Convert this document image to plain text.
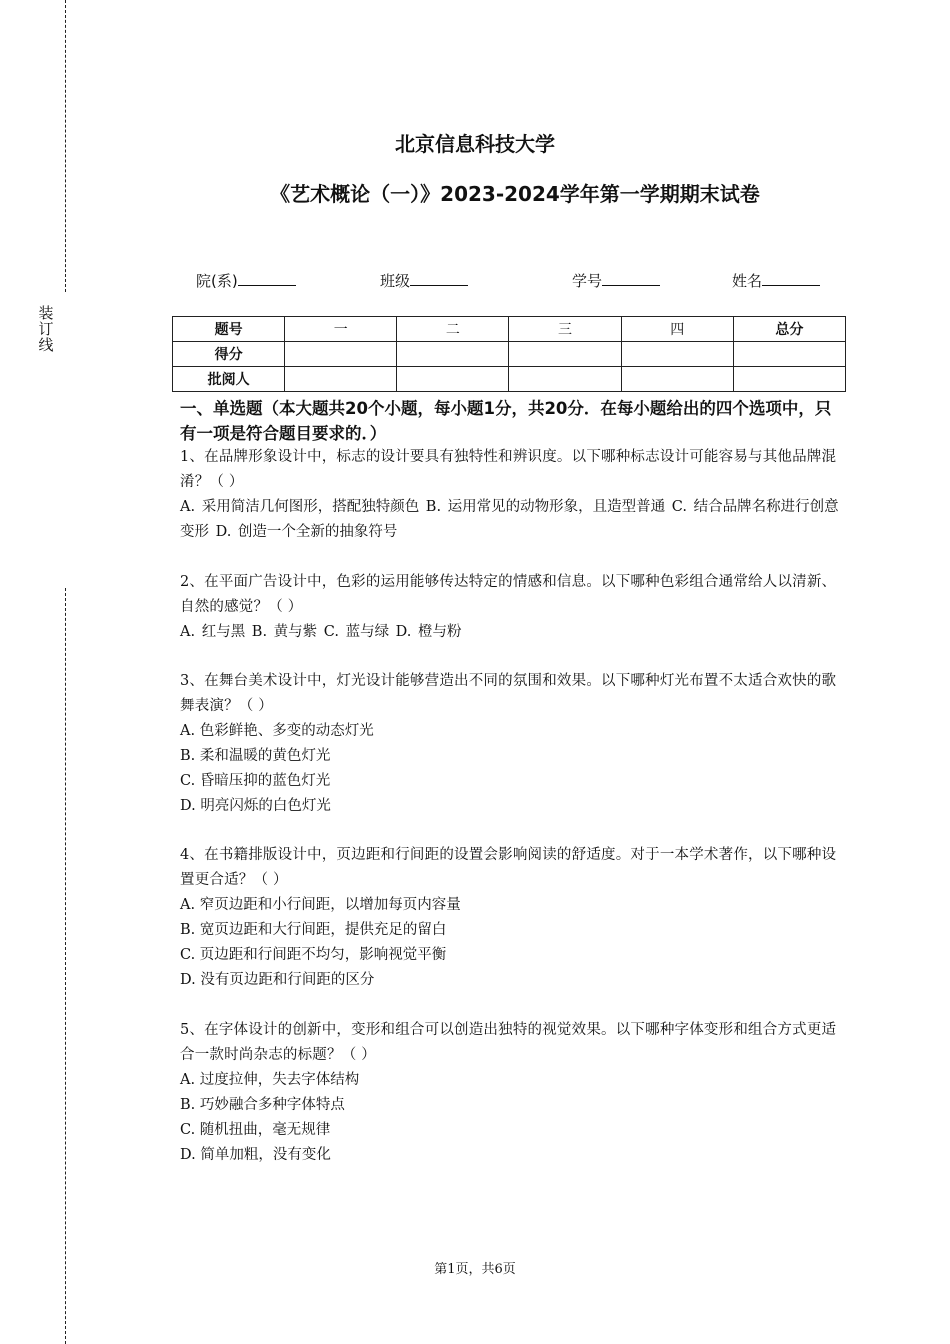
装
订
线
北京信息科技大学
《艺术概论（一）》2023-2024学年第一学期期末试卷
院(系)	班级	学号	姓名
题号	一	二	三	四	总分
得分					
批阅人					
一、单选题（本大题共20个小题，每小题1分，共20分．在每小题给出的四个选项中，只有一项是符合题目要求的．）

1、在品牌形象设计中，标志的设计要具有独特性和辨识度。以下哪种标志设计可能容易与其他品牌混淆？（ ）

A. 采用简洁几何图形，搭配独特颜色 B. 运用常见的动物形象，且造型普通 C. 结合品牌名称进行创意变形 D. 创造一个全新的抽象符号

2、在平面广告设计中，色彩的运用能够传达特定的情感和信息。以下哪种色彩组合通常给人以清新、自然的感觉？（ ）

A. 红与黑 B. 黄与紫 C. 蓝与绿 D. 橙与粉

3、在舞台美术设计中，灯光设计能够营造出不同的氛围和效果。以下哪种灯光布置不太适合欢快的歌舞表演？（ ）

A. 色彩鲜艳、多变的动态灯光

B. 柔和温暖的黄色灯光

C. 昏暗压抑的蓝色灯光

D. 明亮闪烁的白色灯光

4、在书籍排版设计中，页边距和行间距的设置会影响阅读的舒适度。对于一本学术著作，以下哪种设置更合适？（ ）

A. 窄页边距和小行间距，以增加每页内容量

B. 宽页边距和大行间距，提供充足的留白

C. 页边距和行间距不均匀，影响视觉平衡

D. 没有页边距和行间距的区分

5、在字体设计的创新中，变形和组合可以创造出独特的视觉效果。以下哪种字体变形和组合方式更适合一款时尚杂志的标题？（ ）

A. 过度拉伸，失去字体结构

B. 巧妙融合多种字体特点

C. 随机扭曲，毫无规律

D. 简单加粗，没有变化

第1页，共6页
